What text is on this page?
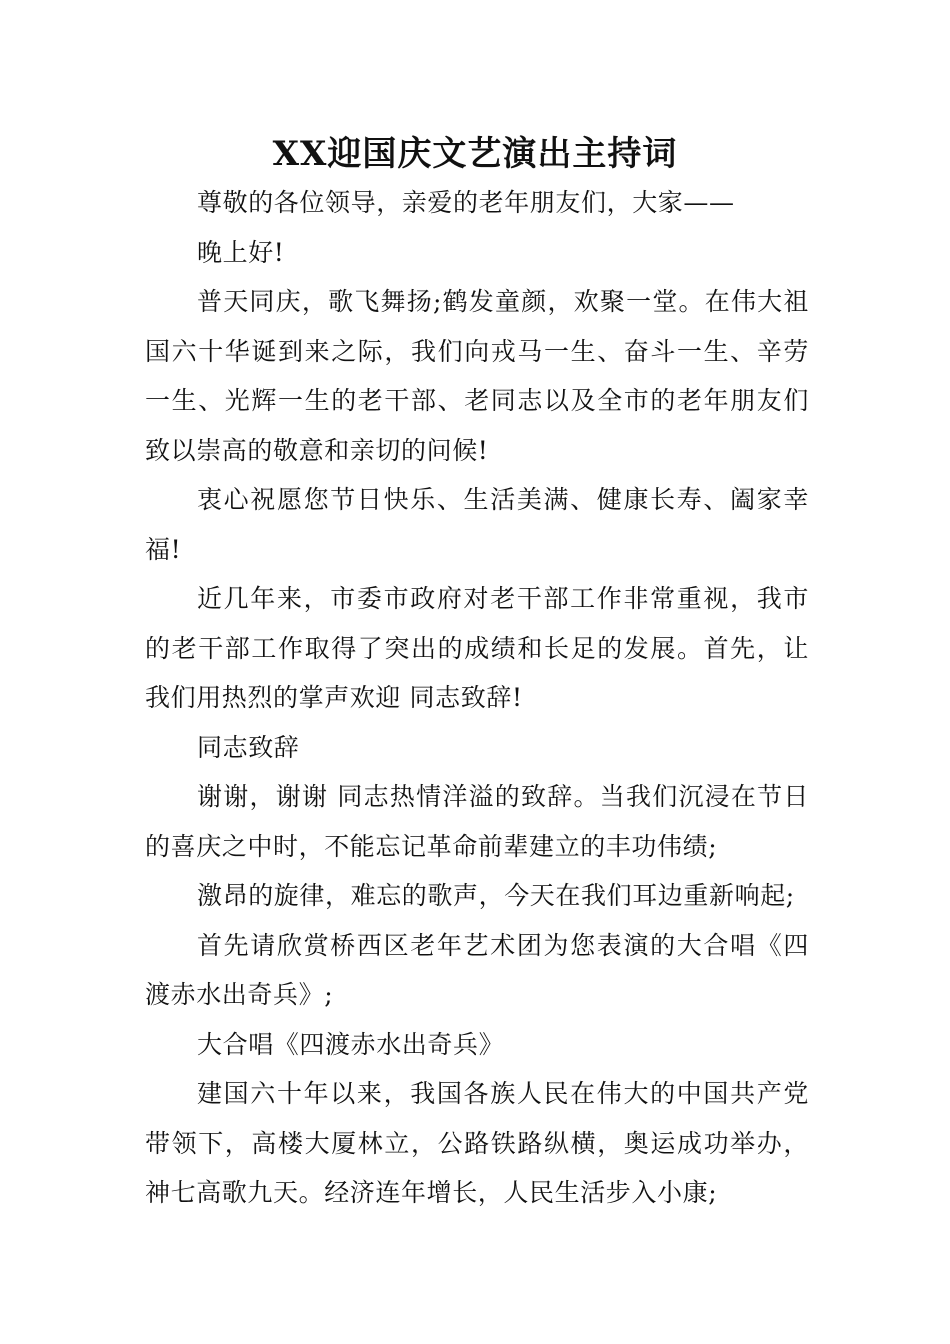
XX迎国庆文艺演出主持词

尊敬的各位领导，亲爱的老年朋友们，大家——

晚上好!

普天同庆，歌飞舞扬;鹤发童颜，欢聚一堂。在伟大祖国六十华诞到来之际，我们向戎马一生、奋斗一生、辛劳一生、光辉一生的老干部、老同志以及全市的老年朋友们致以崇高的敬意和亲切的问候!

衷心祝愿您节日快乐、生活美满、健康长寿、阖家幸福!

近几年来，市委市政府对老干部工作非常重视，我市的老干部工作取得了突出的成绩和长足的发展。首先，让我们用热烈的掌声欢迎 同志致辞!

同志致辞

谢谢，谢谢 同志热情洋溢的致辞。当我们沉浸在节日的喜庆之中时，不能忘记革命前辈建立的丰功伟绩;

激昂的旋律，难忘的歌声，今天在我们耳边重新响起;

首先请欣赏桥西区老年艺术团为您表演的大合唱《四渡赤水出奇兵》;

大合唱《四渡赤水出奇兵》

建国六十年以来，我国各族人民在伟大的中国共产党带领下，高楼大厦林立，公路铁路纵横，奥运成功举办，神七高歌九天。经济连年增长，人民生活步入小康;
